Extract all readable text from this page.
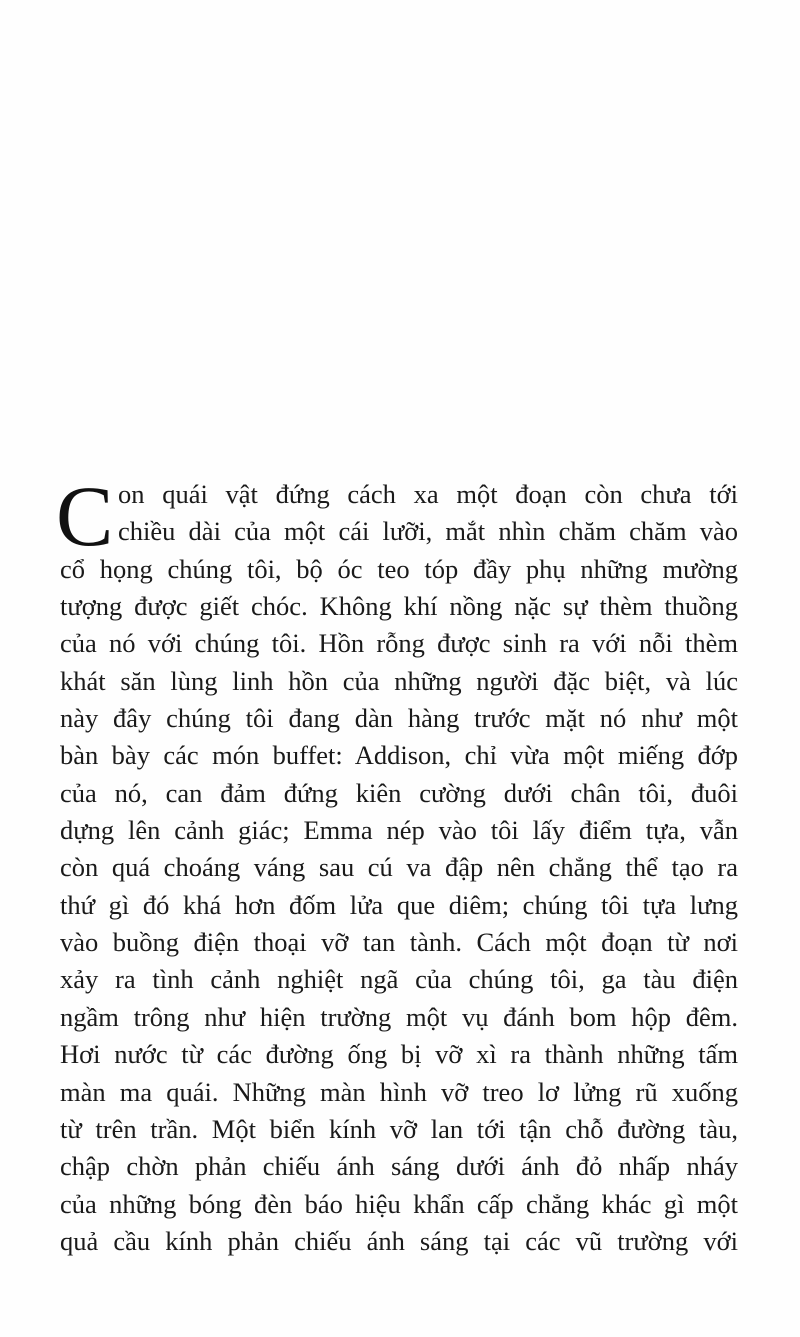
C on quái vật đứng cách xa một đoạn còn chưa tới
chiều dài của một cái lưỡi, mắt nhìn chăm chăm vào
cổ họng chúng tôi, bộ óc teo tóp đầy phụ những mường
tượng được giết chóc. Không khí nồng nặc sự thèm thuồng
của nó với chúng tôi. Hồn rỗng được sinh ra với nỗi thèm
khát săn lùng linh hồn của những người đặc biệt, và lúc
này đây chúng tôi đang dàn hàng trước mặt nó như một
bàn bày các món buffet: Addison, chỉ vừa một miếng đớp
của nó, can đảm đứng kiên cường dưới chân tôi, đuôi
dựng lên cảnh giác; Emma nép vào tôi lấy điểm tựa, vẫn
còn quá choáng váng sau cú va đập nên chẳng thể tạo ra
thứ gì đó khá hơn đốm lửa que diêm; chúng tôi tựa lưng
vào buồng điện thoại vỡ tan tành. Cách một đoạn từ nơi
xảy ra tình cảnh nghiệt ngã của chúng tôi, ga tàu điện
ngầm trông như hiện trường một vụ đánh bom hộp đêm.
Hơi nước từ các đường ống bị vỡ xì ra thành những tấm
màn ma quái. Những màn hình vỡ treo lơ lửng rũ xuống
từ trên trần. Một biển kính vỡ lan tới tận chỗ đường tàu,
chập chờn phản chiếu ánh sáng dưới ánh đỏ nhấp nháy
của những bóng đèn báo hiệu khẩn cấp chẳng khác gì một
quả cầu kính phản chiếu ánh sáng tại các vũ trường với
